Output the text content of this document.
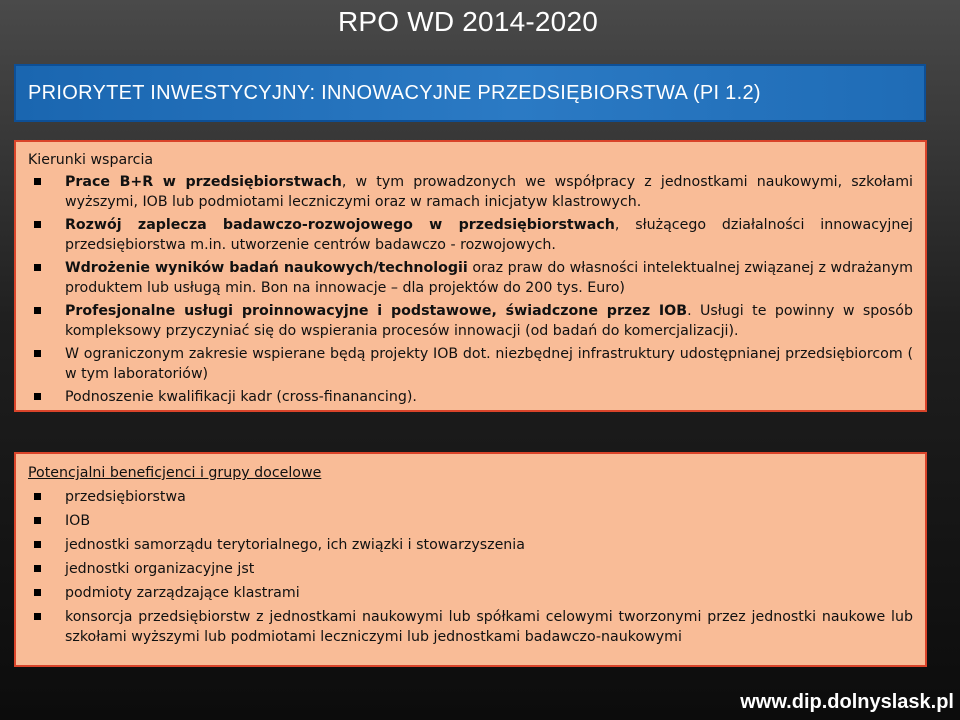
RPO WD 2014-2020
PRIORYTET INWESTYCYJNY: INNOWACYJNE PRZEDSIĘBIORSTWA (PI 1.2)
Kierunki wsparcia
Prace B+R w przedsiębiorstwach, w tym prowadzonych we współpracy z jednostkami naukowymi, szkołami wyższymi, IOB lub podmiotami leczniczymi oraz w ramach inicjatyw klastrowych.
Rozwój zaplecza badawczo-rozwojowego w przedsiębiorstwach, służącego działalności innowacyjnej przedsiębiorstwa m.in. utworzenie centrów badawczo - rozwojowych.
Wdrożenie wyników badań naukowych/technologii oraz praw do własności intelektualnej związanej z wdrażanym produktem lub usługą min. Bon na innowacje – dla projektów do 200 tys. Euro)
Profesjonalne usługi proinnowacyjne i podstawowe, świadczone przez IOB. Usługi te powinny w sposób kompleksowy przyczyniać się do wspierania procesów innowacji (od badań do komercjalizacji).
W ograniczonym zakresie wspierane będą projekty IOB dot. niezbędnej infrastruktury udostępnianej przedsiębiorcom ( w tym laboratoriów)
Podnoszenie kwalifikacji kadr (cross-finanancing).
Potencjalni beneficjenci i grupy docelowe
przedsiębiorstwa
IOB
jednostki samorządu terytorialnego, ich związki i stowarzyszenia
jednostki organizacyjne jst
podmioty zarządzające klastrami
konsorcja przedsiębiorstw z jednostkami naukowymi lub spółkami celowymi tworzonymi przez jednostki naukowe lub szkołami wyższymi lub podmiotami leczniczymi lub jednostkami badawczo-naukowymi
www.dip.dolnyslask.pl
